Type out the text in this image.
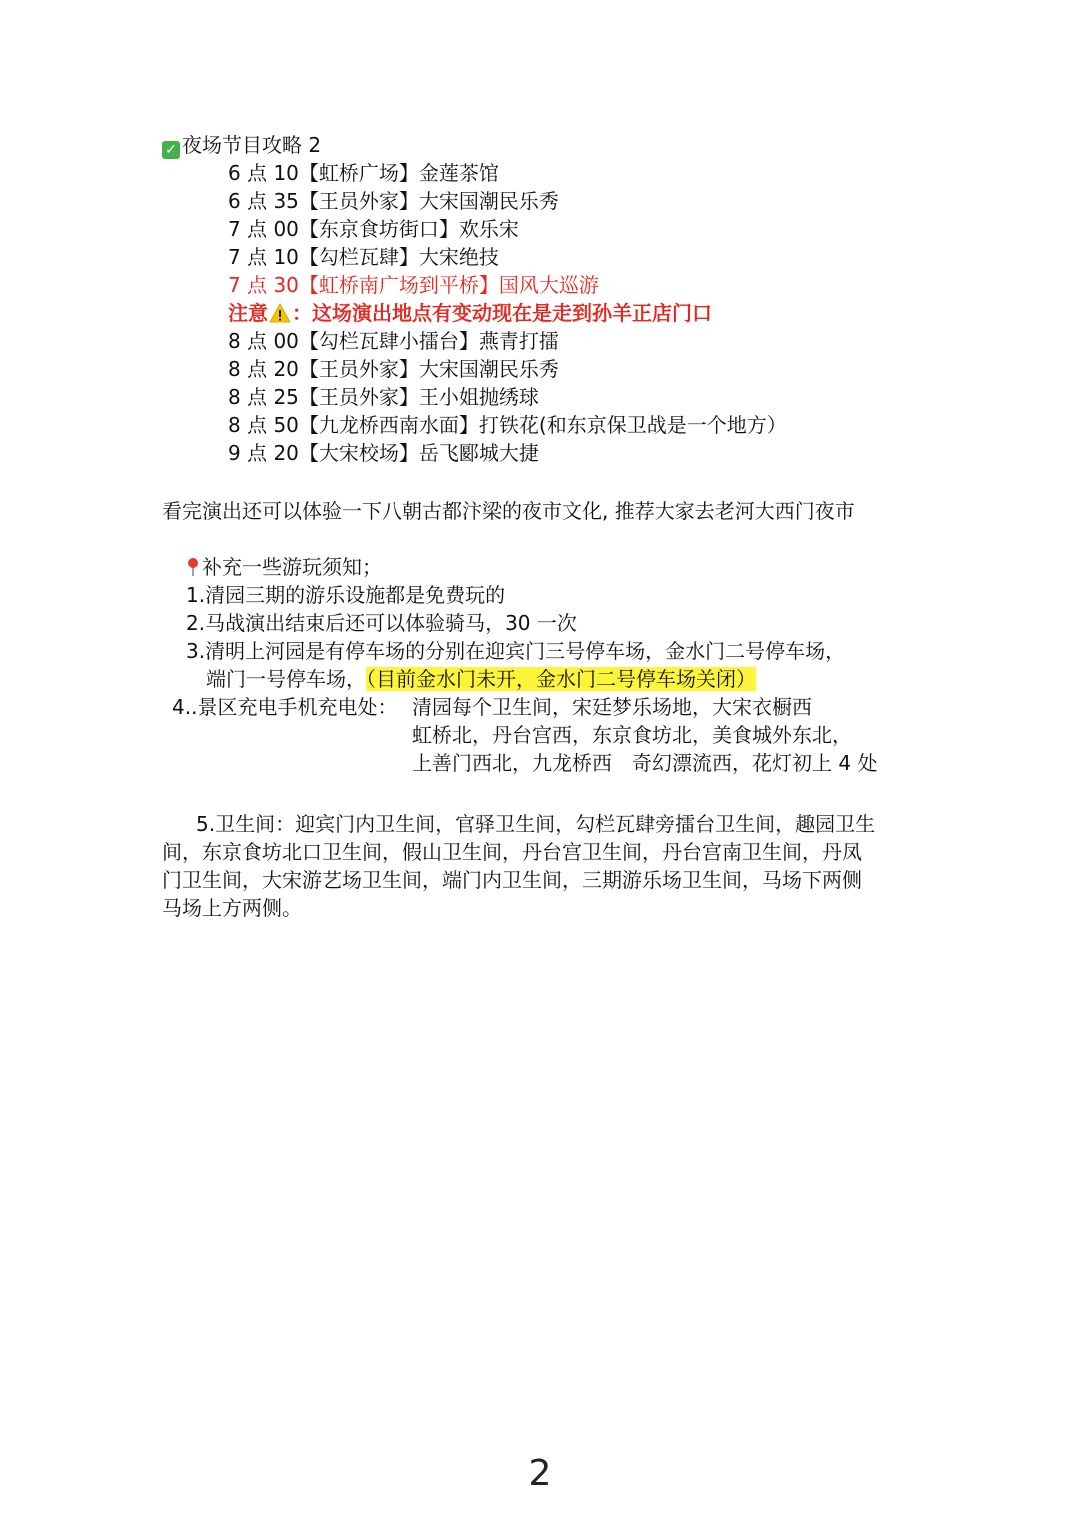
✓ 夜场节目攻略 2
6 点 10【虹桥广场】金莲茶馆
6 点 35【王员外家】大宋国潮民乐秀
7 点 00【东京食坊街口】欢乐宋
7 点 10【勾栏瓦肆】大宋绝技
7 点 30【虹桥南广场到平桥】国风大巡游
注意 ：这场演出地点有变动现在是走到孙羊正店门口
8 点 00【勾栏瓦肆小擂台】燕青打擂
8 点 20【王员外家】大宋国潮民乐秀
8 点 25【王员外家】王小姐抛绣球
8 点 50【九龙桥西南水面】打铁花(和东京保卫战是一个地方）
9 点 20【大宋校场】岳飞郾城大捷
看完演出还可以体验一下八朝古都汴梁的夜市文化, 推荐大家去老河大西门夜市
补充一些游玩须知；
1.清园三期的游乐设施都是免费玩的
2.马战演出结束后还可以体验骑马，30 一次
3.清明上河园是有停车场的分别在迎宾门三号停车场，金水门二号停车场，
端门一号停车场，（目前金水门未开，金水门二号停车场关闭）
4..景区充电手机充电处： 清园每个卫生间，宋廷梦乐场地，大宋衣橱西
虹桥北，丹台宫西，东京食坊北，美食城外东北，
上善门西北，九龙桥西　奇幻漂流西，花灯初上 4 处
5.卫生间：迎宾门内卫生间，官驿卫生间，勾栏瓦肆旁擂台卫生间，趣园卫生
间，东京食坊北口卫生间，假山卫生间，丹台宫卫生间，丹台宫南卫生间，丹凤
门卫生间，大宋游艺场卫生间，端门内卫生间，三期游乐场卫生间，马场下两侧
马场上方两侧。
2
